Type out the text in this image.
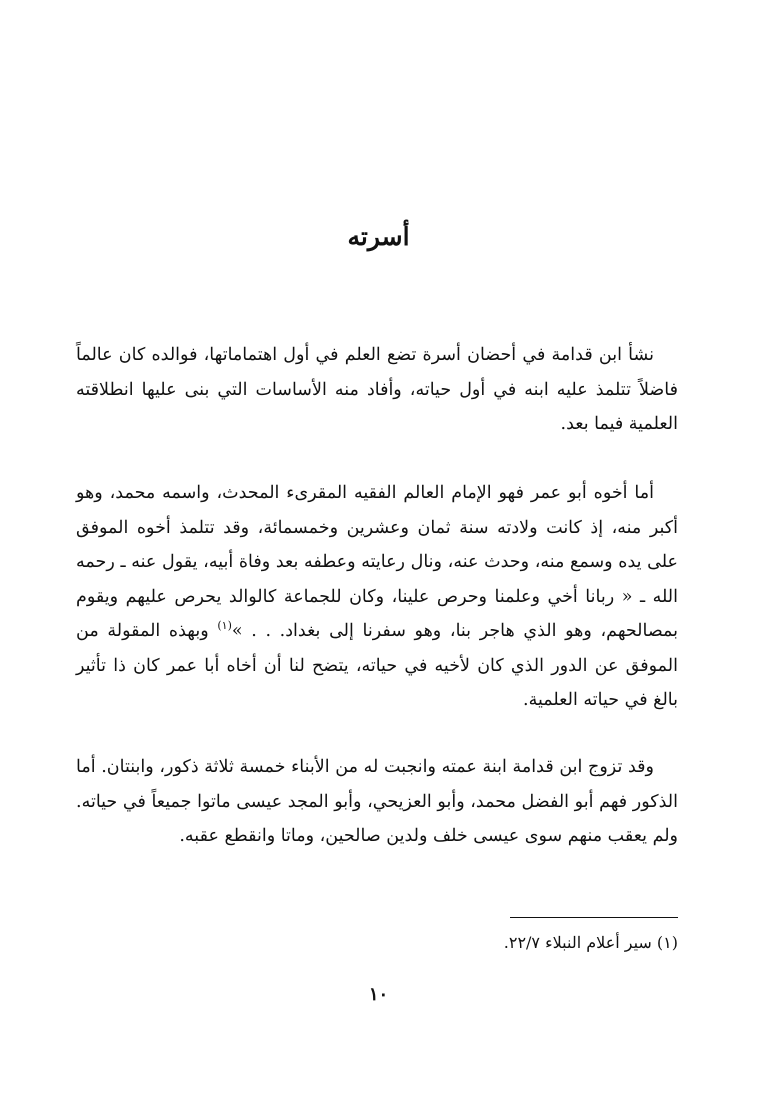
أسرته

نشأ ابن قدامة في أحضان أسرة تضع العلم في أول اهتماماتها، فوالده كان عالماً فاضلاً تتلمذ عليه ابنه في أول حياته، وأفاد منه الأساسات التي بنى عليها انطلاقته العلمية فيما بعد.

أما أخوه أبو عمر فهو الإمام العالم الفقيه المقرىء المحدث، واسمه محمد، وهو أكبر منه، إذ كانت ولادته سنة ثمان وعشرين وخمسمائة، وقد تتلمذ أخوه الموفق على يده وسمع منه، وحدث عنه، ونال رعايته وعطفه بعد وفاة أبيه، يقول عنه ـ رحمه الله ـ « ربانا أخي وعلمنا وحرص علينا، وكان للجماعة كالوالد يحرص عليهم ويقوم بمصالحهم، وهو الذي هاجر بنا، وهو سفرنا إلى بغداد. . . »$^{(١)}$ وبهذه المقولة من الموفق عن الدور الذي كان لأخيه في حياته، يتضح لنا أن أخاه أبا عمر كان ذا تأثير بالغ في حياته العلمية.

وقد تزوج ابن قدامة ابنة عمته وانجبت له من الأبناء خمسة ثلاثة ذكور، وابنتان. أما الذكور فهم أبو الفضل محمد، وأبو العزيحي، وأبو المجد عيسى ماتوا جميعاً في حياته. ولم يعقب منهم سوى عيسى خلف ولدين صالحين، وماتا وانقطع عقبه.

(١) سير أعلام النبلاء ٢٢/٧.

١٠
